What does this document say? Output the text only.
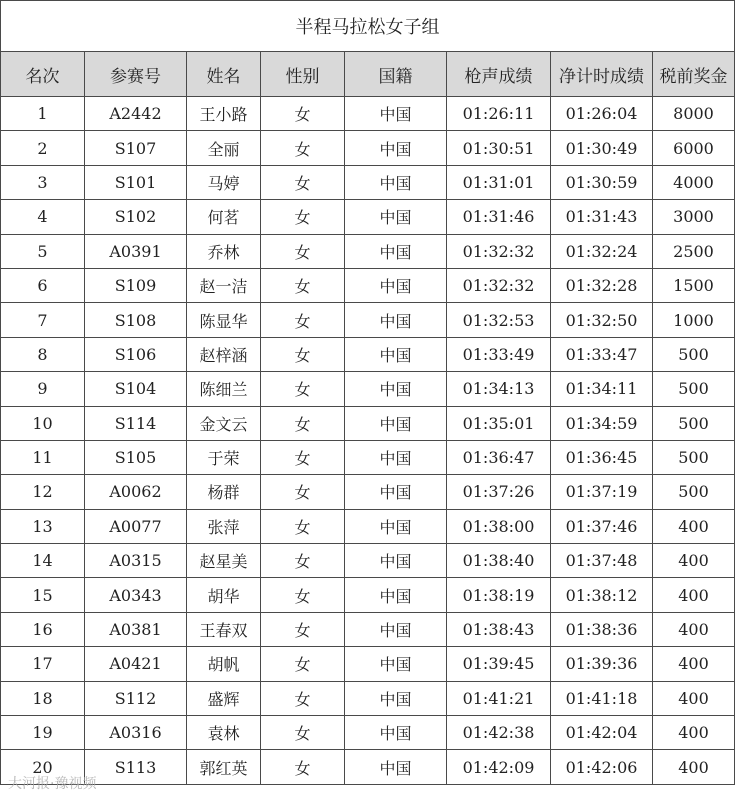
半程马拉松女子组							
名次	参赛号	姓名	性别	国籍	枪声成绩	净计时成绩	税前奖金
1	A2442	王小路	女	中国	01:26:11	01:26:04	8000
2	S107	全丽	女	中国	01:30:51	01:30:49	6000
3	S101	马婷	女	中国	01:31:01	01:30:59	4000
4	S102	何茗	女	中国	01:31:46	01:31:43	3000
5	A0391	乔林	女	中国	01:32:32	01:32:24	2500
6	S109	赵一洁	女	中国	01:32:32	01:32:28	1500
7	S108	陈显华	女	中国	01:32:53	01:32:50	1000
8	S106	赵梓涵	女	中国	01:33:49	01:33:47	500
9	S104	陈细兰	女	中国	01:34:13	01:34:11	500
10	S114	金文云	女	中国	01:35:01	01:34:59	500
11	S105	于荣	女	中国	01:36:47	01:36:45	500
12	A0062	杨群	女	中国	01:37:26	01:37:19	500
13	A0077	张萍	女	中国	01:38:00	01:37:46	400
14	A0315	赵星美	女	中国	01:38:40	01:37:48	400
15	A0343	胡华	女	中国	01:38:19	01:38:12	400
16	A0381	王春双	女	中国	01:38:43	01:38:36	400
17	A0421	胡帆	女	中国	01:39:45	01:39:36	400
18	S112	盛辉	女	中国	01:41:21	01:41:18	400
19	A0316	袁林	女	中国	01:42:38	01:42:04	400
20	S113	郭红英	女	中国	01:42:09	01:42:06	400
大河报·豫视频
